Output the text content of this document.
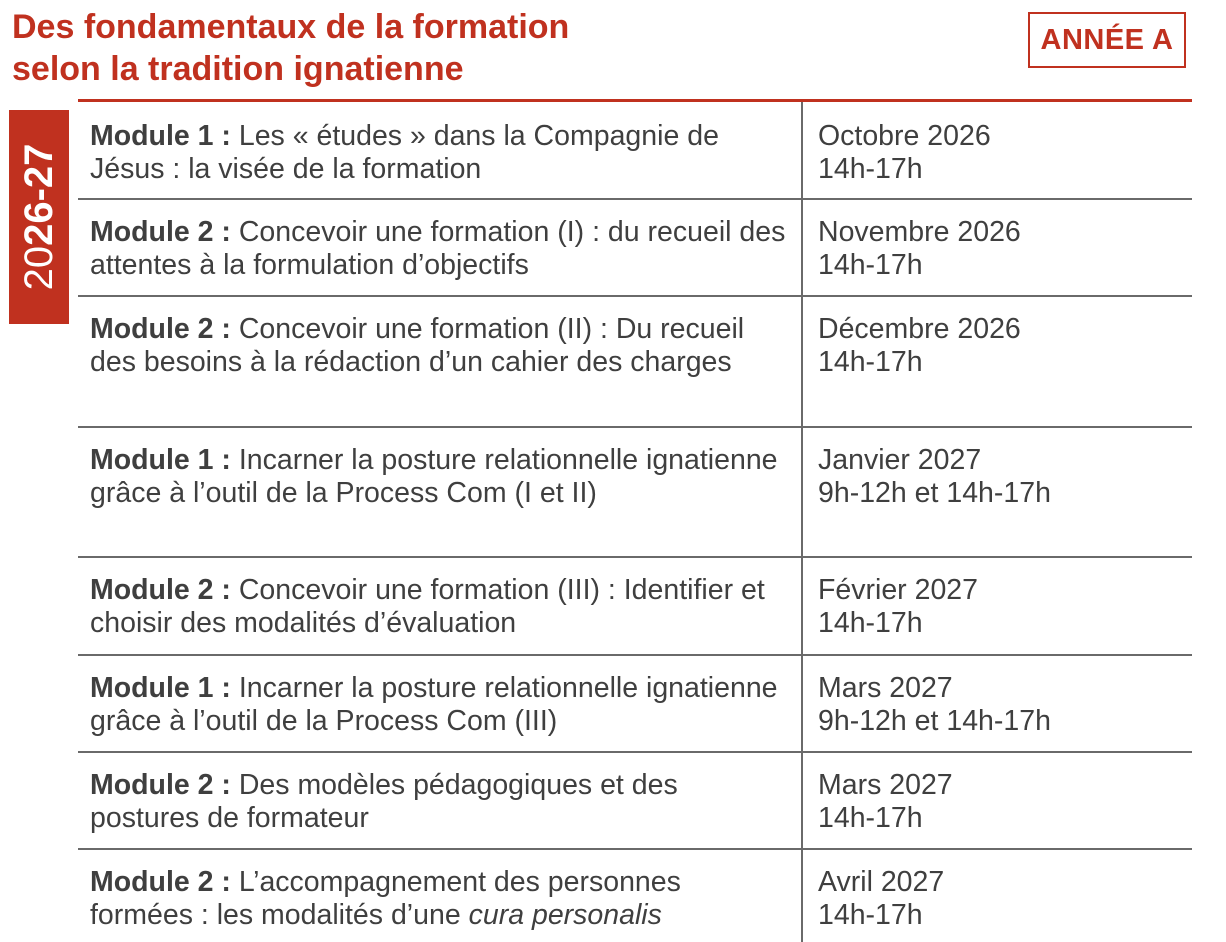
Des fondamentaux de la formation
selon la tradition ignatienne
ANNÉE A
2026-27
Module 1 : Les « études » dans la Compagnie de Jésus : la visée de la formation
Octobre 2026
14h-17h
Module 2 : Concevoir une formation (I) : du recueil des attentes à la formulation d’objectifs
Novembre 2026
14h-17h
Module 2 : Concevoir une formation (II) : Du recueil des besoins à la rédaction d’un cahier des charges
Décembre 2026
14h-17h
Module 1 : Incarner la posture relationnelle ignatienne grâce à l’outil de la Process Com (I et II)
Janvier 2027
9h-12h et 14h-17h
Module 2 : Concevoir une formation (III) : Identifier et choisir des modalités d’évaluation
Février 2027
14h-17h
Module 1 : Incarner la posture relationnelle ignatienne grâce à l’outil de la Process Com (III)
Mars 2027
9h-12h et 14h-17h
Module 2 : Des modèles pédagogiques et des postures de formateur
Mars 2027
14h-17h
Module 2 : L’accompagnement des personnes formées : les modalités d’une cura personalis
Avril 2027
14h-17h
